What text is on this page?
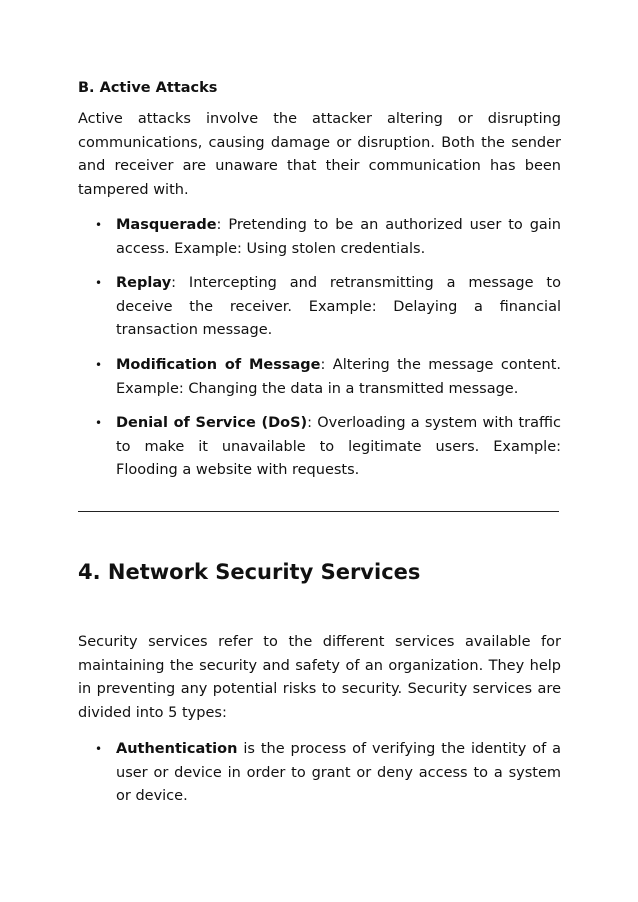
B. Active Attacks

Active attacks involve the attacker altering or disrupting communications, causing damage or disruption. Both the sender and receiver are unaware that their communication has been tampered with.

• Masquerade: Pretending to be an authorized user to gain access. Example: Using stolen credentials.
• Replay: Intercepting and retransmitting a message to deceive the receiver. Example: Delaying a financial transaction message.
• Modification of Message: Altering the message content. Example: Changing the data in a transmitted message.
• Denial of Service (DoS): Overloading a system with traffic to make it unavailable to legitimate users. Example: Flooding a website with requests.
4. Network Security Services

Security services refer to the different services available for maintaining the security and safety of an organization. They help in preventing any potential risks to security. Security services are divided into 5 types:

• Authentication is the process of verifying the identity of a user or device in order to grant or deny access to a system or device.
